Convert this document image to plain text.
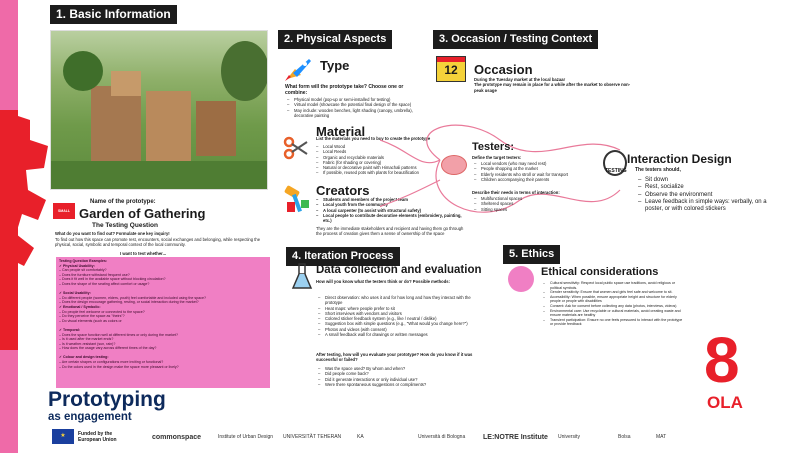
1. Basic Information
2. Physical Aspects	3. Occasion / Testing Context
4. Iteration Process	5. Ethics
SMALL TEAM
Name of the prototype:
Garden of Gathering
The Testing Question
What do you want to find out? Formulate one key inquiry!
To find out how this space can promote rest, encounters, social exchanges and belonging, while respecting the physical, social, symbolic and temporal context of the local community.
I want to test whether...
Testing Question Examples:
✓ Physical Usability:
– Can people sit comfortably?
– Does the furniture withstand frequent use?
– Does it fit well in the available space without blocking circulation?
– Does the shape of the seating affect comfort or usage?

✓ Social Usability:
– Do different people (women, elders, youth) feel comfortable and included using the space?
– Does the design encourage gathering, resting, or social interaction during the market?
✓ Emotional / Symbolic:
– Do people feel welcome or connected to the space?
– Do they perceive the space as "theirs"?
– Do visual elements (such as colors or

✓ Temporal:
– Does the space function well at different times or only during the market?
– Is it used after the market ends?
– Is it weather-resistant (sun, rain)?
– How does the usage vary across different times of the day?

✓ Colour and design testing:
– Are certain shapes or configurations more inviting or functional?
– Do the colors used in the design make the space more pleasant or lively?
Type
What form will the prototype take? Choose one or combine:
– Physical model (pop-up or semi-installed for testing)
– Virtual model (showcase the potential final design of the space)
– May include: wooden benches, light shading (canopy, umbrella), decorative painting
Material
List the materials you need to buy to create the prototype
– Local Wood
– Local Reeds
– Organic and recyclable materials
– Fabric (for shading or covering)
– Natural or decorative paint with Himachali patterns
– If possible, reused pots with plants for beautification
Creators
– Students and members of the project team
– Local youth from the community
– A local carpenter (to assist with structural safety)
– Local people to contribute decorative elements (embroidery, painting, etc.)
They are the immediate stakeholders and recipient and having them go through the process of creation gives them a sense of ownership of the space
12	Occasion
During the Tuesday market at the local bazaar
The prototype may remain in place for a while after the market to observe non-peak usage
Testers:
Define the target testers:
– Local vendors (who may need rest)
– People shopping at the market
– Elderly residents who stroll or wait for transport
– Children accompanying their parents
Describe their needs in terms of interaction:
– Multifunctional spaces
– Sheltered spaces
– Sitting spaces
TESTING
Interaction Design
The testers should,
– Sit down
– Rest, socialize
– Observe the environment
– Leave feedback in simple ways: verbally, on a poster, or with colored stickers
Data collection and evaluation
How will you know what the testers think or do? Possible methods:
– Direct observation: who uses it and for how long and how they interact with the prototype
– Heat maps: where people prefer to sit
– Short interviews with vendors and visitors
– Colored sticker feedback system (e.g., like / neutral / dislike)
– Suggestion box with simple questions (e.g., "What would you change here?")
– Photos and videos (with consent)
– A small feedback wall for drawings or written messages
After testing, how will you evaluate your prototype? How do you know if it was successful or failed?
– Was the space used? By whom and when?
– Did people come back?
– Did it generate interactions or only individual use?
– Were there spontaneous suggestions or compliments?
Ethical considerations
– Cultural sensitivity: Respect local public space use traditions, avoid religious or political symbols.
– Gender sensitivity: Ensure that women and girls feel safe and welcome to sit.
– Accessibility: When possible, ensure appropriate height and structure for elderly people or people with disabilities
– Consent: Ask for consent before collecting any data (photos, interviews, videos)
– Environmental care: Use recyclable or cultural materials, avoid creating waste and ensure materials are healthy
– Transient participation: Ensure no one feels pressured to interact with the prototype or provide feedback	8
OLA
Prototyping
as engagement
★	Funded by the European Union	commonspace	Institute of Urban Design UNIVERSITÄT TEHERAN	KA	Università di Bologna	LE:NOTRE Institute University	Bolsa	MAT
